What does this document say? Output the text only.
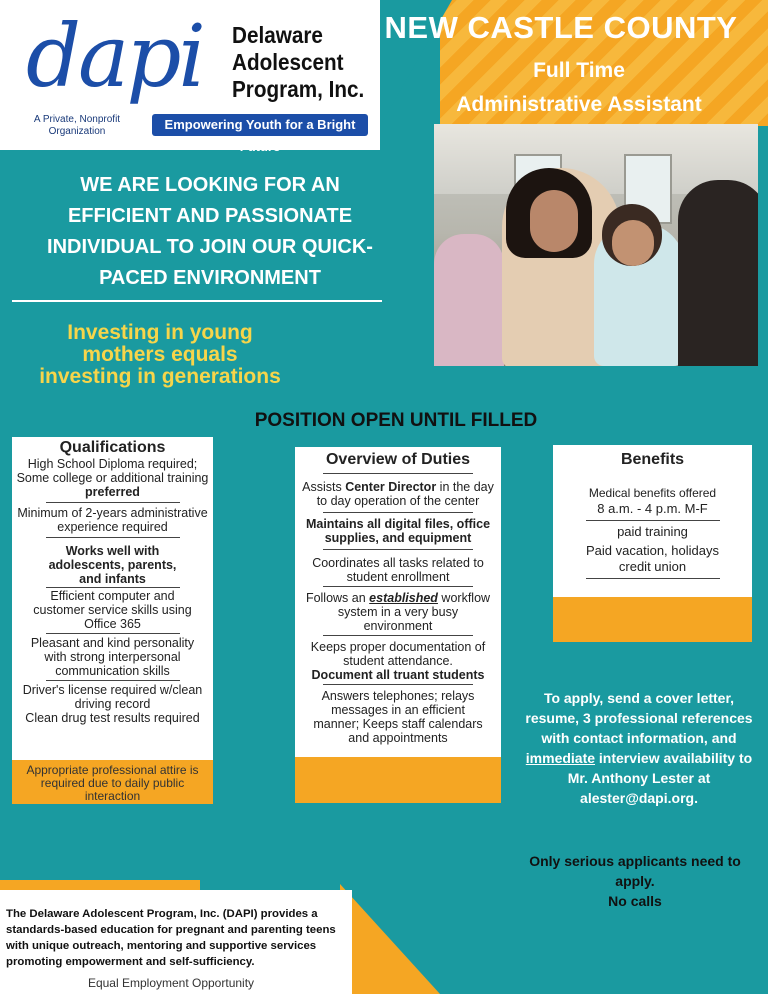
dapi Delaware
Adolescent
Program, Inc.
A Private, Nonprofit
Organization	Empowering Youth for a Bright Future
NEW CASTLE COUNTY
Full Time
Administrative Assistant
WE ARE LOOKING FOR AN
EFFICIENT AND PASSIONATE
INDIVIDUAL TO JOIN OUR QUICK-
PACED ENVIRONMENT
Investing in young
mothers equals
investing in generations
POSITION OPEN UNTIL FILLED
Qualifications

High School Diploma required; Some college or additional training

preferred

Minimum of 2-years administrative experience required

Works well with adolescents, parents, and infants

Efficient computer and customer service skills using Office 365

Pleasant and kind personality with strong interpersonal communication skills

Driver's license required w/clean driving record

Clean drug test results required

Appropriate professional attire is required due to daily public interaction
Overview of Duties

Assists Center Director in the day to day operation of the center

Maintains all digital files, office supplies, and equipment

Coordinates all tasks related to student enrollment

Follows an established workflow system in a very busy environment

Keeps proper documentation of student attendance.

Document all truant students

Answers telephones; relays messages in an efficient manner; Keeps staff calendars and appointments

Benefits

Medical benefits offered

8 a.m. - 4 p.m. M-F

paid training

Paid vacation, holidays

credit union

To apply, send a cover letter, resume, 3 professional references with contact information, and immediate interview availability to Mr. Anthony Lester at alester@dapi.org.
Only serious applicants need to apply.
No calls
The Delaware Adolescent Program, Inc. (DAPI) provides a standards-based education for pregnant and parenting teens with unique outreach, mentoring and supportive services promoting empowerment and self-sufficiency.
Equal Employment Opportunity
